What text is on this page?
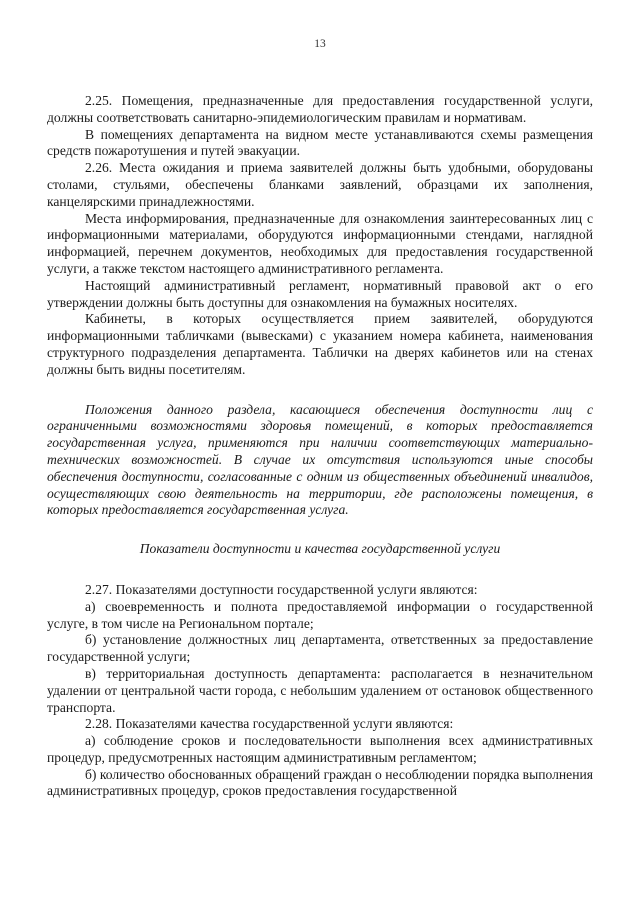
13

2.25. Помещения, предназначенные для предоставления государственной услуги, должны соответствовать санитарно-эпидемиологическим правилам и нормативам.

В помещениях департамента на видном месте устанавливаются схемы размещения средств пожаротушения и путей эвакуации.

2.26. Места ожидания и приема заявителей должны быть удобными, оборудованы столами, стульями, обеспечены бланками заявлений, образцами их заполнения, канцелярскими принадлежностями.

Места информирования, предназначенные для ознакомления заинтересованных лиц с информационными материалами, оборудуются информационными стендами, наглядной информацией, перечнем документов, необходимых для предоставления государственной услуги, а также текстом настоящего административного регламента.

Настоящий административный регламент, нормативный правовой акт о его утверждении должны быть доступны для ознакомления на бумажных носителях.

Кабинеты, в которых осуществляется прием заявителей, оборудуются информационными табличками (вывесками) с указанием номера кабинета, наименования структурного подразделения департамента. Таблички на дверях кабинетов или на стенах должны быть видны посетителям.

Положения данного раздела, касающиеся обеспечения доступности лиц с ограниченными возможностями здоровья помещений, в которых предоставляется государственная услуга, применяются при наличии соответствующих материально-технических возможностей. В случае их отсутствия используются иные способы обеспечения доступности, согласованные с одним из общественных объединений инвалидов, осуществляющих свою деятельность на территории, где расположены помещения, в которых предоставляется государственная услуга.

Показатели доступности и качества государственной услуги

2.27. Показателями доступности государственной услуги являются:

а) своевременность и полнота предоставляемой информации о государственной услуге, в том числе на Региональном портале;

б) установление должностных лиц департамента, ответственных за предоставление государственной услуги;

в) территориальная доступность департамента: располагается в незначительном удалении от центральной части города, с небольшим удалением от остановок общественного транспорта.

2.28. Показателями качества государственной услуги являются:

а) соблюдение сроков и последовательности выполнения всех административных процедур, предусмотренных настоящим административным регламентом;

б) количество обоснованных обращений граждан о несоблюдении порядка выполнения административных процедур, сроков предоставления государственной
